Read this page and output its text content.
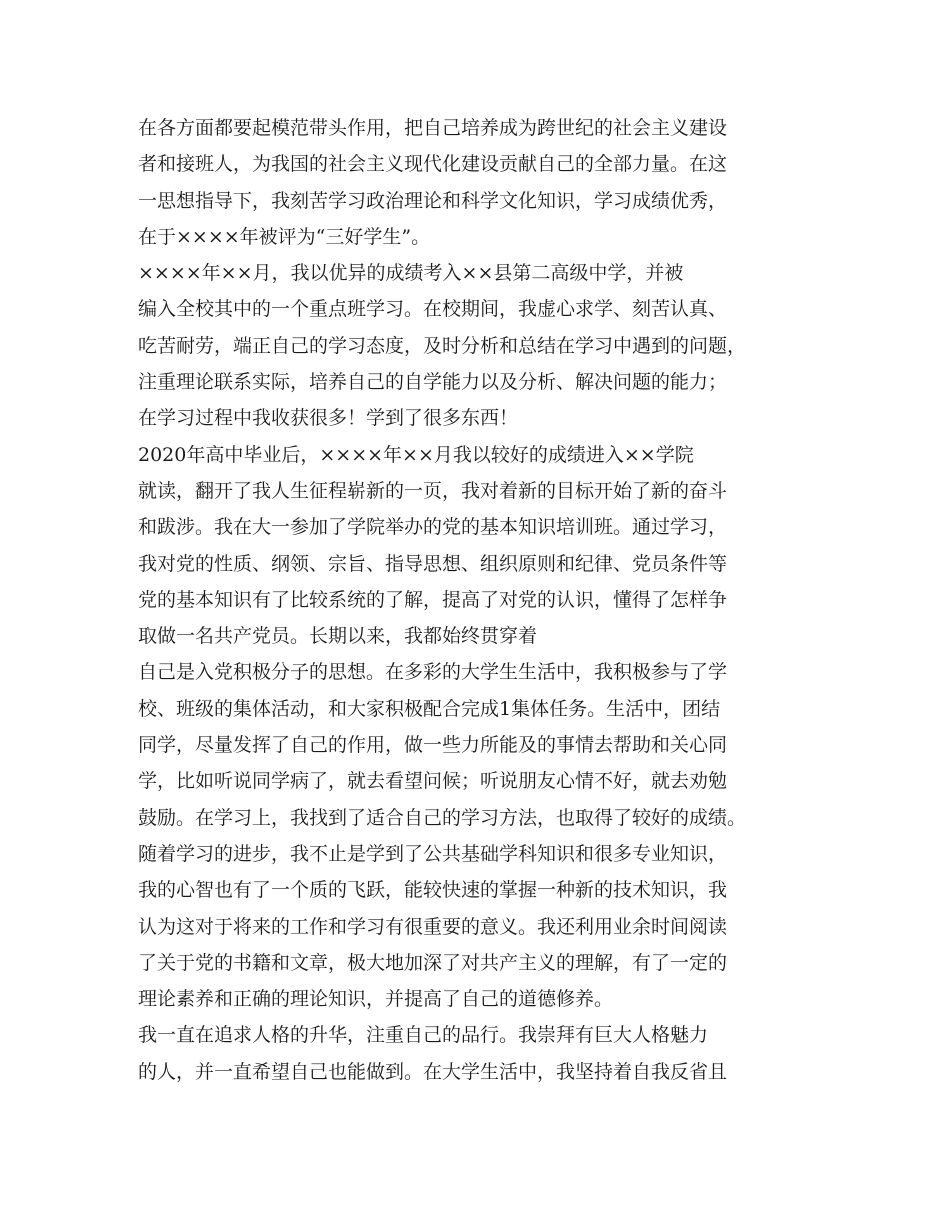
在各方面都要起模范带头作用，把自己培养成为跨世纪的社会主义建设
者和接班人，为我国的社会主义现代化建设贡献自己的全部力量。在这
一思想指导下，我刻苦学习政治理论和科学文化知识，学习成绩优秀，
在于××××年被评为“三好学生”。
××××年××月，我以优异的成绩考入××县第二高级中学，并被
编入全校其中的一个重点班学习。在校期间，我虚心求学、刻苦认真、
吃苦耐劳，端正自己的学习态度，及时分析和总结在学习中遇到的问题，
注重理论联系实际，培养自己的自学能力以及分析、解决问题的能力；
在学习过程中我收获很多！学到了很多东西！
2020年高中毕业后，××××年××月我以较好的成绩进入××学院
就读，翻开了我人生征程崭新的一页，我对着新的目标开始了新的奋斗
和跋涉。我在大一参加了学院举办的党的基本知识培训班。通过学习，
我对党的性质、纲领、宗旨、指导思想、组织原则和纪律、党员条件等
党的基本知识有了比较系统的了解，提高了对党的认识，懂得了怎样争
取做一名共产党员。长期以来，我都始终贯穿着
自己是入党积极分子的思想。在多彩的大学生生活中，我积极参与了学
校、班级的集体活动，和大家积极配合完成1集体任务。生活中，团结
同学，尽量发挥了自己的作用，做一些力所能及的事情去帮助和关心同
学，比如听说同学病了，就去看望问候；听说朋友心情不好，就去劝勉
鼓励。在学习上，我找到了适合自己的学习方法，也取得了较好的成绩。
随着学习的进步，我不止是学到了公共基础学科知识和很多专业知识，
我的心智也有了一个质的飞跃，能较快速的掌握一种新的技术知识，我
认为这对于将来的工作和学习有很重要的意义。我还利用业余时间阅读
了关于党的书籍和文章，极大地加深了对共产主义的理解，有了一定的
理论素养和正确的理论知识，并提高了自己的道德修养。
我一直在追求人格的升华，注重自己的品行。我崇拜有巨大人格魅力
的人，并一直希望自己也能做到。在大学生活中，我坚持着自我反省且
